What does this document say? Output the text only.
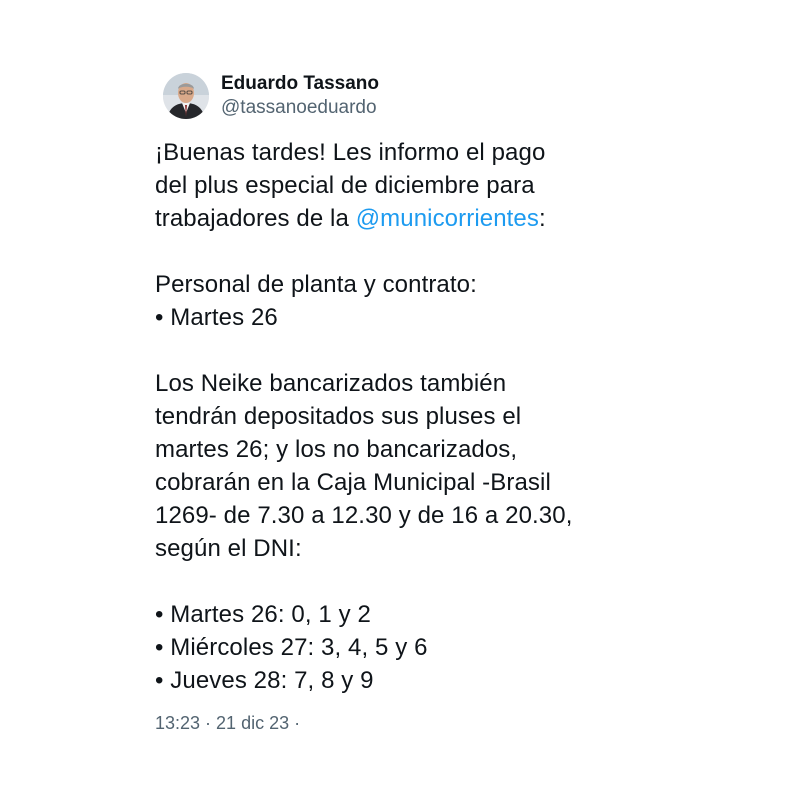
Eduardo Tassano
@tassanoeduardo
¡Buenas tardes! Les informo el pago
del plus especial de diciembre para
trabajadores de la @municorrientes:
Personal de planta y contrato:
• Martes 26
Los Neike bancarizados también
tendrán depositados sus pluses el
martes 26; y los no bancarizados,
cobrarán en la Caja Municipal -Brasil
1269- de 7.30 a 12.30 y de 16 a 20.30,
según el DNI:
• Martes 26: 0, 1 y 2
• Miércoles 27: 3, 4, 5 y 6
• Jueves 28: 7, 8 y 9
13:23 · 21 dic 23 ·
